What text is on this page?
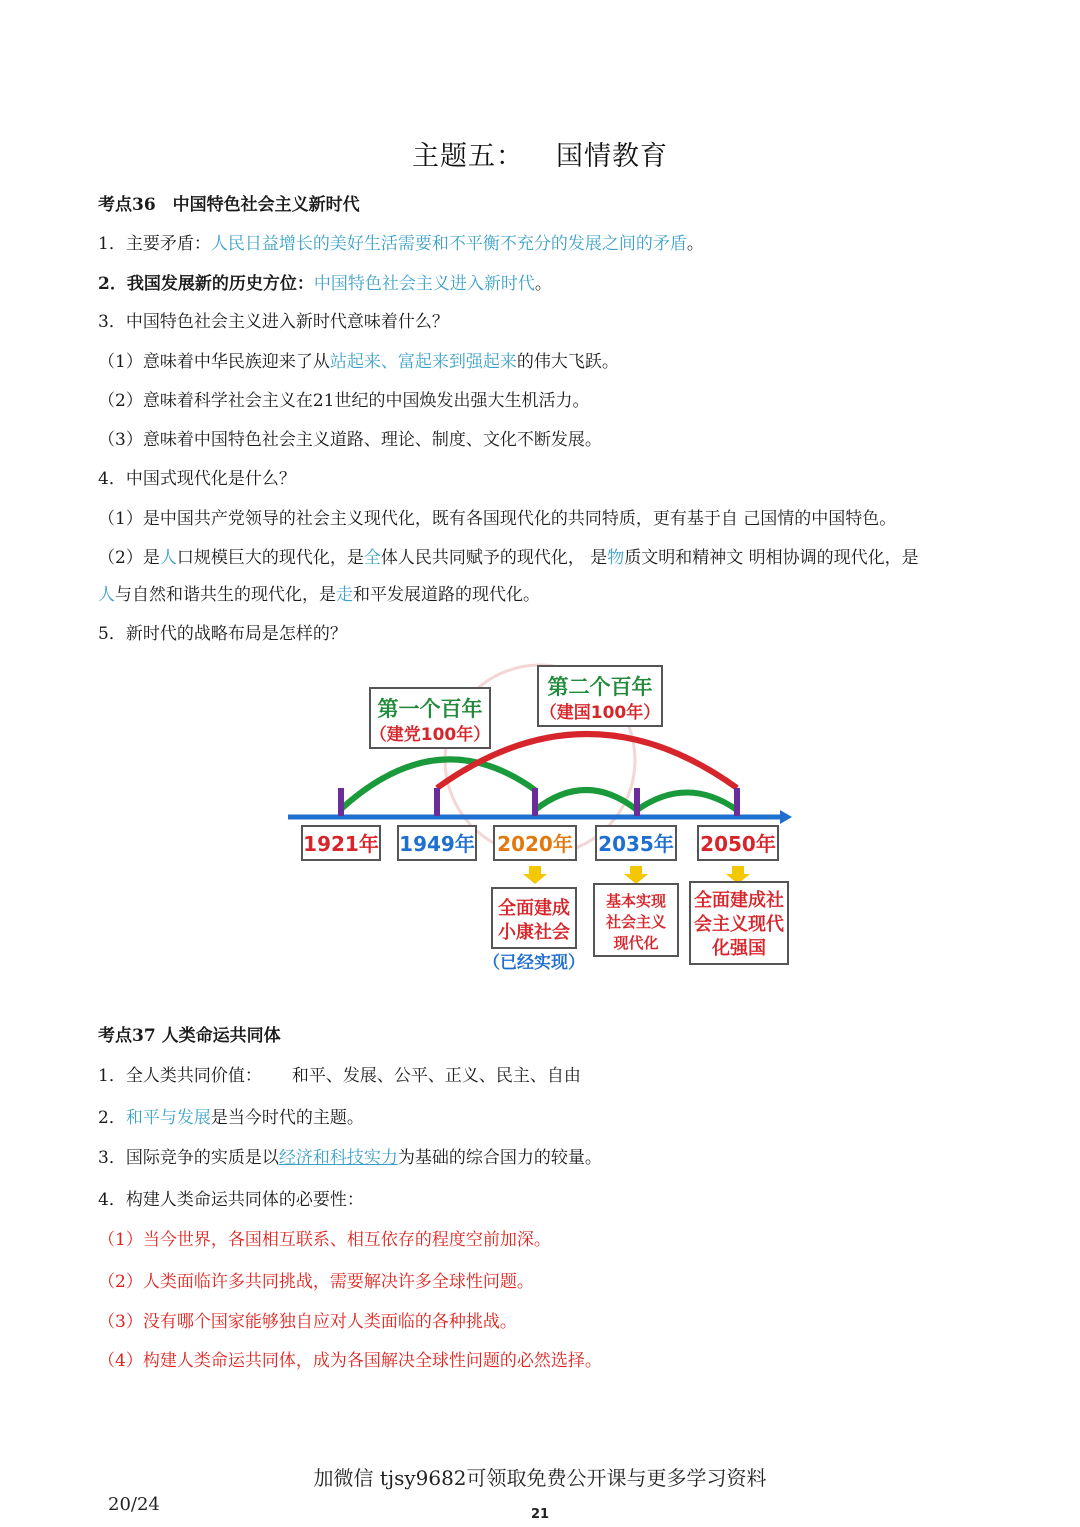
主题五： 国情教育
考点36　中国特色社会主义新时代
1．主要矛盾：人民日益增长的美好生活需要和不平衡不充分的发展之间的矛盾。
2．我国发展新的历史方位：中国特色社会主义进入新时代。
3．中国特色社会主义进入新时代意味着什么？
（1）意味着中华民族迎来了从站起来、富起来到强起来的伟大飞跃。
（2）意味着科学社会主义在21世纪的中国焕发出强大生机活力。
（3）意味着中国特色社会主义道路、理论、制度、文化不断发展。
4．中国式现代化是什么？
（1）是中国共产党领导的社会主义现代化，既有各国现代化的共同特质，更有基于自 己国情的中国特色。
（2）是人口规模巨大的现代化，是全体人民共同赋予的现代化， 是物质文明和精神文 明相协调的现代化，是
人与自然和谐共生的现代化，是走和平发展道路的现代化。
5．新时代的战略布局是怎样的？
第一个百年
（建党100年）
第二个百年
（建国100年）
1921年 1949年 2020年 2035年 2050年
全面建成
小康社会
（已经实现）
基本实现
社会主义
现代化
全面建成社
会主义现代
化强国
考点37 人类命运共同体
1．全人类共同价值： 和平、发展、公平、正义、民主、自由
2．和平与发展是当今时代的主题。
3．国际竞争的实质是以经济和科技实力为基础的综合国力的较量。
4．构建人类命运共同体的必要性：
（1）当今世界，各国相互联系、相互依存的程度空前加深。
（2）人类面临许多共同挑战，需要解决许多全球性问题。
（3）没有哪个国家能够独自应对人类面临的各种挑战。
（4）构建人类命运共同体，成为各国解决全球性问题的必然选择。
加微信 tjsy9682可领取免费公开课与更多学习资料
20/24	21
